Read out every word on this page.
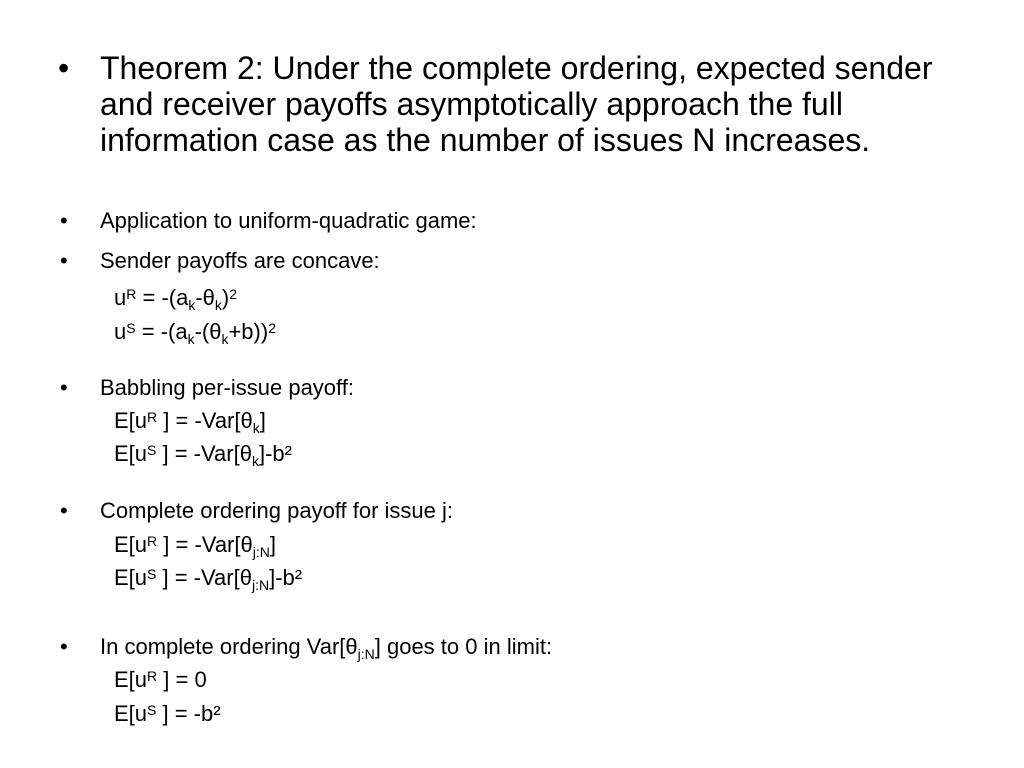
• Theorem 2: Under the complete ordering, expected sender and receiver payoffs asymptotically approach the full information case as the number of issues N increases.
• Application to uniform-quadratic game:
• Sender payoffs are concave:
$u^R = -(a_k-\theta_k)^2$
$u^S = -(a_k-(\theta_k+b))^2$
• Babbling per-issue payoff:
$E[u^R$ ] = $-Var[\theta_k]$
$E[u^S$ ] = $-Var[\theta_k]-b^2$
• Complete ordering payoff for issue j:
$E[u^R$ ] = $-Var[\theta_{j:N}]$
$E[u^S$ ] = $-Var[\theta_{j:N}]-b^2$
• In complete ordering $Var[\theta_{j:N}]$ goes to 0 in limit:
$E[u^R$ ] = 0
$E[u^S$ ] = -b²
